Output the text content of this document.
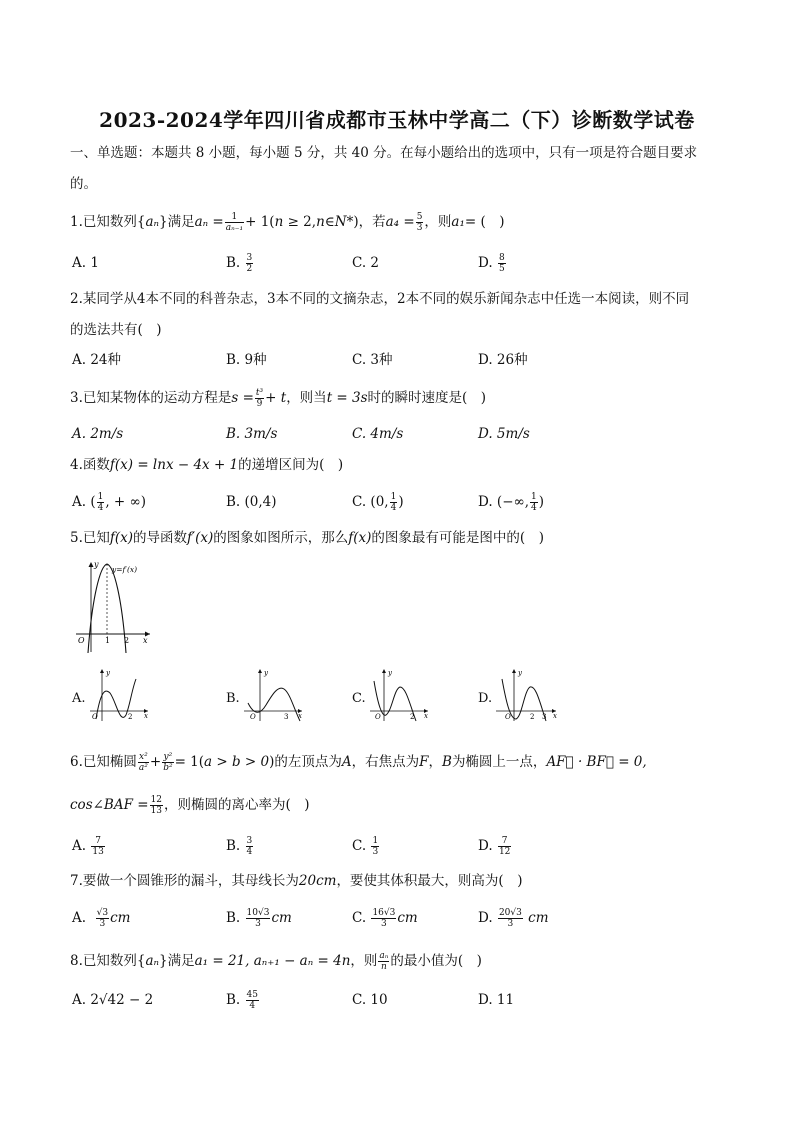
2023-2024学年四川省成都市玉林中学高二（下）诊断数学试卷
一、单选题：本题共 8 小题，每小题 5 分，共 40 分。在每小题给出的选项中，只有一项是符合题目要求
的。
1.已知数列{aₙ}满足$a_n = \frac{1}{\text{aₙ₋₁}} + 1(n$ ≥ 2,n∈N*)，若$a_4 = \frac{5}{3}$ ，则a₁= (　)
A. 1	B. $\frac{3}{2}$	C. 2	D. $\frac{8}{5}$
2.某同学从4本不同的科普杂志，3本不同的文摘杂志，2本不同的娱乐新闻杂志中任选一本阅读，则不同
的选法共有(　)
A. 24种	B. 9种	C. 3种	D. 26种
3.已知某物体的运动方程是$s = \frac{\text{t³}}{9} + t$，则当t = 3s时的瞬时速度是(　)
A. 2m/s	B. 3m/s	C. 4m/s	D. 5m/s
4.函数f(x) = lnx − 4x + 1的递增区间为(　)
A. ( $\frac{1}{4}$ , + ∞)	B. (0,4)	C. (0, $\frac{1}{4}$ )	D. (−∞, $\frac{1}{4}$ )
5.已知f(x)的导函数f′(x)的图象如图所示，那么f(x)的图象最有可能是图中的(　)
O	1 2 x
y
y=f′(x)
A.
O	2
y
x
B.
O	3
y
x
C.
O	2
y
x
D.
O	2 3
y
x
6.已知椭圆 $\frac{\text{x²}}{\text{a²}} + \frac{\text{y²}}{\text{b²}} = 1(a > b > 0)$的左顶点为A，右焦点为F，B为椭圆上一点，AF⃗ · BF⃗ = 0,
cos∠BAF = $\frac{12}{13}$ ，则椭圆的离心率为(　)
A. $\frac{7}{13}$	B. $\frac{3}{4}$	C. $\frac{1}{3}$	D. $\frac{7}{12}$
7.要做一个圆锥形的漏斗，其母线长为20cm，要使其体积最大，则高为(　)
A. $\frac{√3}{3}$ cm	B. $\frac{10√3}{3}$ cm	C. $\frac{16√3}{3}$ cm	D. $\frac{20√3}{3}$ cm
8.已知数列{aₙ}满足a₁ = 21, aₙ₊₁ − aₙ = 4n，则 $\frac{\text{aₙ}}{n}$ 的最小值为(　)
A. 2√42 − 2	B. $\frac{45}{4}$	C. 10	D. 11
